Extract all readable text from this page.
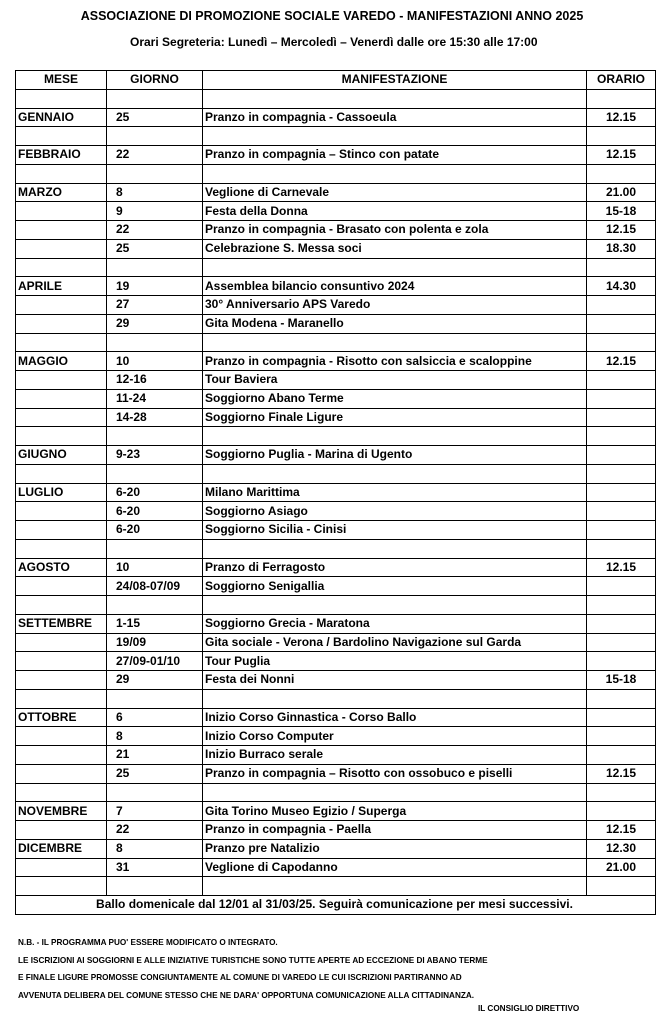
ASSOCIAZIONE DI PROMOZIONE SOCIALE VAREDO - MANIFESTAZIONI ANNO 2025
Orari Segreteria: Lunedì – Mercoledì – Venerdì dalle ore 15:30 alle 17:00
MESE	GIORNO	MANIFESTAZIONE	ORARIO

GENNAIO	25	Pranzo in compagnia - Cassoeula	12.15

FEBBRAIO	22	Pranzo in compagnia – Stinco con patate	12.15

MARZO	8	Veglione di Carnevale	21.00
	9	Festa della Donna	15-18
	22	Pranzo in compagnia - Brasato con polenta e zola	12.15
	25	Celebrazione S. Messa soci	18.30

APRILE	19	Assemblea bilancio consuntivo 2024	14.30
	27	30° Anniversario APS Varedo	
	29	Gita Modena - Maranello	

MAGGIO	10	Pranzo in compagnia - Risotto con salsiccia e scaloppine	12.15
	12-16	Tour Baviera	
	11-24	Soggiorno Abano Terme	
	14-28	Soggiorno Finale Ligure	

GIUGNO	9-23	Soggiorno Puglia - Marina di Ugento	

LUGLIO	6-20	Milano Marittima	
	6-20	Soggiorno Asiago	
	6-20	Soggiorno Sicilia - Cinisi	

AGOSTO	10	Pranzo di Ferragosto	12.15
	24/08-07/09	Soggiorno Senigallia	

SETTEMBRE	1-15	Soggiorno Grecia - Maratona	
	19/09	Gita sociale - Verona / Bardolino Navigazione sul Garda	
	27/09-01/10	Tour Puglia	
	29	Festa dei Nonni	15-18

OTTOBRE	6	Inizio Corso Ginnastica - Corso Ballo	
	8	Inizio Corso Computer	
	21	Inizio Burraco serale	
	25	Pranzo in compagnia – Risotto con ossobuco e piselli	12.15

NOVEMBRE	7	Gita Torino Museo Egizio / Superga	
	22	Pranzo in compagnia - Paella	12.15
DICEMBRE	8	Pranzo pre Natalizio	12.30
	31	Veglione di Capodanno	21.00

Ballo domenicale dal 12/01 al 31/03/25. Seguirà comunicazione per mesi successivi.			
N.B. - IL PROGRAMMA PUO' ESSERE MODIFICATO O INTEGRATO.
LE ISCRIZIONI AI SOGGIORNI E ALLE INIZIATIVE TURISTICHE SONO TUTTE APERTE AD ECCEZIONE DI ABANO TERME
E FINALE LIGURE PROMOSSE CONGIUNTAMENTE AL COMUNE DI VAREDO LE CUI ISCRIZIONI PARTIRANNO AD
AVVENUTA DELIBERA DEL COMUNE STESSO CHE NE DARA' OPPORTUNA COMUNICAZIONE ALLA CITTADINANZA.
IL CONSIGLIO DIRETTIVO
